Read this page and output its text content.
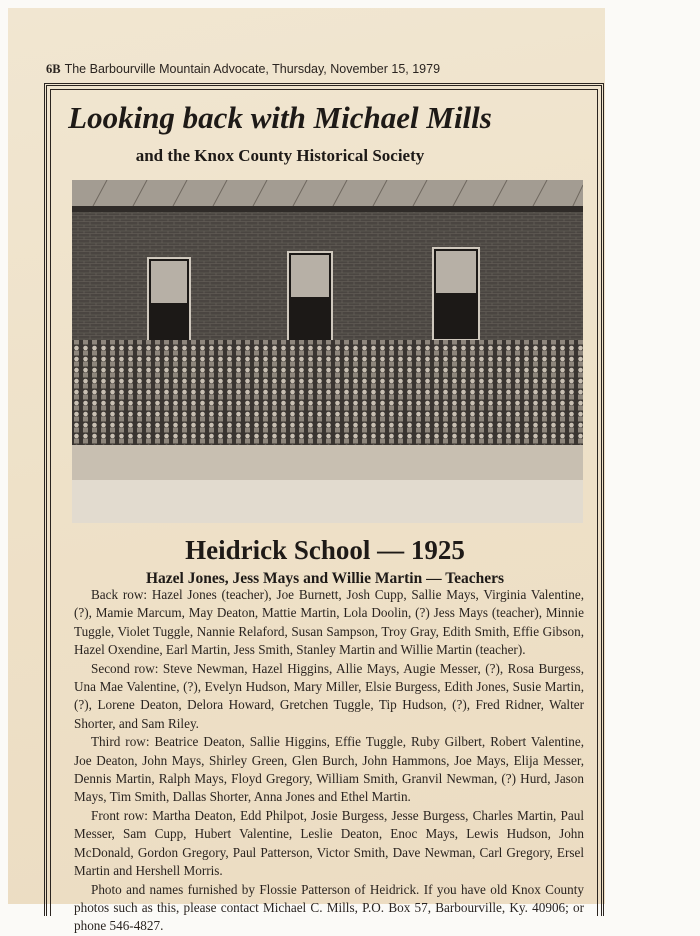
6B The Barbourville Mountain Advocate, Thursday, November 15, 1979
Looking back with Michael Mills
and the Knox County Historical Society
Heidrick School — 1925
Hazel Jones, Jess Mays and Willie Martin — Teachers

Back row: Hazel Jones (teacher), Joe Burnett, Josh Cupp, Sallie Mays, Virginia Valentine, (?), Mamie Marcum, May Deaton, Mattie Martin, Lola Doolin, (?) Jess Mays (teacher), Minnie Tuggle, Violet Tuggle, Nannie Relaford, Susan Sampson, Troy Gray, Edith Smith, Effie Gibson, Hazel Oxendine, Earl Martin, Jess Smith, Stanley Martin and Willie Martin (teacher).

Second row: Steve Newman, Hazel Higgins, Allie Mays, Augie Messer, (?), Rosa Burgess, Una Mae Valentine, (?), Evelyn Hudson, Mary Miller, Elsie Burgess, Edith Jones, Susie Martin, (?), Lorene Deaton, Delora Howard, Gretchen Tuggle, Tip Hudson, (?), Fred Ridner, Walter Shorter, and Sam Riley.

Third row: Beatrice Deaton, Sallie Higgins, Effie Tuggle, Ruby Gilbert, Robert Valentine, Joe Deaton, John Mays, Shirley Green, Glen Burch, John Hammons, Joe Mays, Elija Messer, Dennis Martin, Ralph Mays, Floyd Gregory, William Smith, Granvil Newman, (?) Hurd, Jason Mays, Tim Smith, Dallas Shorter, Anna Jones and Ethel Martin.

Front row: Martha Deaton, Edd Philpot, Josie Burgess, Jesse Burgess, Charles Martin, Paul Messer, Sam Cupp, Hubert Valentine, Leslie Deaton, Enoc Mays, Lewis Hudson, John McDonald, Gordon Gregory, Paul Patterson, Victor Smith, Dave Newman, Carl Gregory, Ersel Martin and Hershell Morris.

Photo and names furnished by Flossie Patterson of Heidrick. If you have old Knox County photos such as this, please contact Michael C. Mills, P.O. Box 57, Barbourville, Ky. 40906; or phone 546-4827.
